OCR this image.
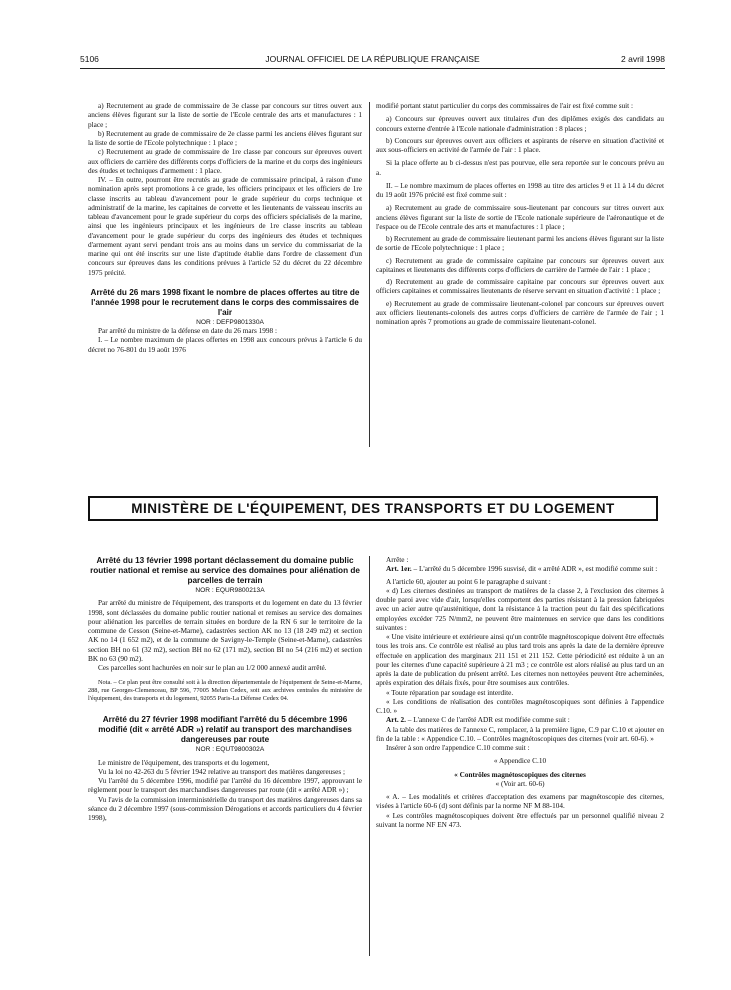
5106	JOURNAL OFFICIEL DE LA RÉPUBLIQUE FRANÇAISE	2 avril 1998

a) Recrutement au grade de commissaire de 3e classe par concours sur titres ouvert aux anciens élèves figurant sur la liste de sortie de l'Ecole centrale des arts et manufactures : 1 place ;

b) Recrutement au grade de commissaire de 2e classe parmi les anciens élèves figurant sur la liste de sortie de l'Ecole polytechnique : 1 place ;

c) Recrutement au grade de commissaire de 1re classe par concours sur épreuves ouvert aux officiers de carrière des différents corps d'officiers de la marine et du corps des ingénieurs des études et techniques d'armement : 1 place.

IV. – En outre, pourront être recrutés au grade de commissaire principal, à raison d'une nomination après sept promotions à ce grade, les officiers principaux et les officiers de 1re classe inscrits au tableau d'avancement pour le grade supérieur du corps technique et administratif de la marine, les capitaines de corvette et les lieutenants de vaisseau inscrits au tableau d'avancement pour le grade supérieur du corps des officiers spécialisés de la marine, ainsi que les ingénieurs principaux et les ingénieurs de 1re classe inscrits au tableau d'avancement pour le grade supérieur du corps des ingénieurs des études et techniques d'armement ayant servi pendant trois ans au moins dans un service du commissariat de la marine qui ont été inscrits sur une liste d'aptitude établie dans l'ordre de classement d'un concours sur épreuves dans les conditions prévues à l'article 52 du décret du 22 décembre 1975 précité.

Arrêté du 26 mars 1998 fixant le nombre de places offertes au titre de l'année 1998 pour le recrutement dans le corps des commissaires de l'air

NOR : DEFP9801330A

Par arrêté du ministre de la défense en date du 26 mars 1998 :

I. – Le nombre maximum de places offertes en 1998 aux concours prévus à l'article 6 du décret no 76-801 du 19 août 1976

modifié portant statut particulier du corps des commissaires de l'air est fixé comme suit :

a) Concours sur épreuves ouvert aux titulaires d'un des diplômes exigés des candidats au concours externe d'entrée à l'Ecole nationale d'administration : 8 places ;

b) Concours sur épreuves ouvert aux officiers et aspirants de réserve en situation d'activité et aux sous-officiers en activité de l'armée de l'air : 1 place.

Si la place offerte au b ci-dessus n'est pas pourvue, elle sera reportée sur le concours prévu au a.

II. – Le nombre maximum de places offertes en 1998 au titre des articles 9 et 11 à 14 du décret du 19 août 1976 précité est fixé comme suit :

a) Recrutement au grade de commissaire sous-lieutenant par concours sur titres ouvert aux anciens élèves figurant sur la liste de sortie de l'Ecole nationale supérieure de l'aéronautique et de l'espace ou de l'Ecole centrale des arts et manufactures : 1 place ;

b) Recrutement au grade de commissaire lieutenant parmi les anciens élèves figurant sur la liste de sortie de l'Ecole polytechnique : 1 place ;

c) Recrutement au grade de commissaire capitaine par concours sur épreuves ouvert aux capitaines et lieutenants des différents corps d'officiers de carrière de l'armée de l'air : 1 place ;

d) Recrutement au grade de commissaire capitaine par concours sur épreuves ouvert aux officiers capitaines et commissaires lieutenants de réserve servant en situation d'activité : 1 place ;

e) Recrutement au grade de commissaire lieutenant-colonel par concours sur épreuves ouvert aux officiers lieutenants-colonels des autres corps d'officiers de carrière de l'armée de l'air ; 1 nomination après 7 promotions au grade de commissaire lieutenant-colonel.

MINISTÈRE DE L'ÉQUIPEMENT, DES TRANSPORTS ET DU LOGEMENT

Arrêté du 13 février 1998 portant déclassement du domaine public routier national et remise au service des domaines pour aliénation de parcelles de terrain

NOR : EQUR9800213A

Par arrêté du ministre de l'équipement, des transports et du logement en date du 13 février 1998, sont déclassées du domaine public routier national et remises au service des domaines pour aliénation les parcelles de terrain situées en bordure de la RN 6 sur le territoire de la commune de Cesson (Seine-et-Marne), cadastrées section AK no 13 (18 249 m2) et section AK no 14 (1 652 m2), et de la commune de Savigny-le-Temple (Seine-et-Marne), cadastrées section BH no 61 (32 m2), section BH no 62 (171 m2), section BI no 54 (216 m2) et section BK no 63 (90 m2).

Ces parcelles sont hachurées en noir sur le plan au 1/2 000 annexé audit arrêté.

Nota. – Ce plan peut être consulté soit à la direction départementale de l'équipement de Seine-et-Marne, 288, rue Georges-Clemenceau, BP 596, 77005 Melun Cedex, soit aux archives centrales du ministère de l'équipement, des transports et du logement, 92055 Paris-La Défense Cedex 04.

Arrêté du 27 février 1998 modifiant l'arrêté du 5 décembre 1996 modifié (dit « arrêté ADR ») relatif au transport des marchandises dangereuses par route

NOR : EQUT9800302A

Le ministre de l'équipement, des transports et du logement,

Vu la loi no 42-263 du 5 février 1942 relative au transport des matières dangereuses ;

Vu l'arrêté du 5 décembre 1996, modifié par l'arrêté du 16 décembre 1997, approuvant le règlement pour le transport des marchandises dangereuses par route (dit « arrêté ADR ») ;

Vu l'avis de la commission interministérielle du transport des matières dangereuses dans sa séance du 2 décembre 1997 (sous-commission Dérogations et accords particuliers du 4 février 1998),

Arrête :

Art. 1er. – L'arrêté du 5 décembre 1996 susvisé, dit « arrêté ADR », est modifié comme suit :

A l'article 60, ajouter au point 6 le paragraphe d suivant :

« d) Les citernes destinées au transport de matières de la classe 2, à l'exclusion des citernes à double paroi avec vide d'air, lorsqu'elles comportent des parties résistant à la pression fabriquées avec un acier autre qu'austénitique, dont la résistance à la traction peut du fait des spécifications employées excéder 725 N/mm2, ne peuvent être maintenues en service que dans les conditions suivantes :

« Une visite intérieure et extérieure ainsi qu'un contrôle magnétoscopique doivent être effectués tous les trois ans. Ce contrôle est réalisé au plus tard trois ans après la date de la dernière épreuve effectuée en application des marginaux 211 151 et 211 152. Cette périodicité est réduite à un an pour les citernes d'une capacité supérieure à 21 m3 ; ce contrôle est alors réalisé au plus tard un an après la date de publication du présent arrêté. Les citernes non nettoyées peuvent être acheminées, après expiration des délais fixés, pour être soumises aux contrôles.

« Toute réparation par soudage est interdite.

« Les conditions de réalisation des contrôles magnétoscopiques sont définies à l'appendice C.10. »

Art. 2. – L'annexe C de l'arrêté ADR est modifiée comme suit :

A la table des matières de l'annexe C, remplacer, à la première ligne, C.9 par C.10 et ajouter en fin de la table : « Appendice C.10. – Contrôles magnétoscopiques des citernes (voir art. 60-6). »

Insérer à son ordre l'appendice C.10 comme suit :

« Appendice C.10

« Contrôles magnétoscopiques des citernes

« (Voir art. 60-6)

« A. – Les modalités et critères d'acceptation des examens par magnétoscopie des citernes, visées à l'article 60-6 (d) sont définis par la norme NF M 88-104.

« Les contrôles magnétoscopiques doivent être effectués par un personnel qualifié niveau 2 suivant la norme NF EN 473.
